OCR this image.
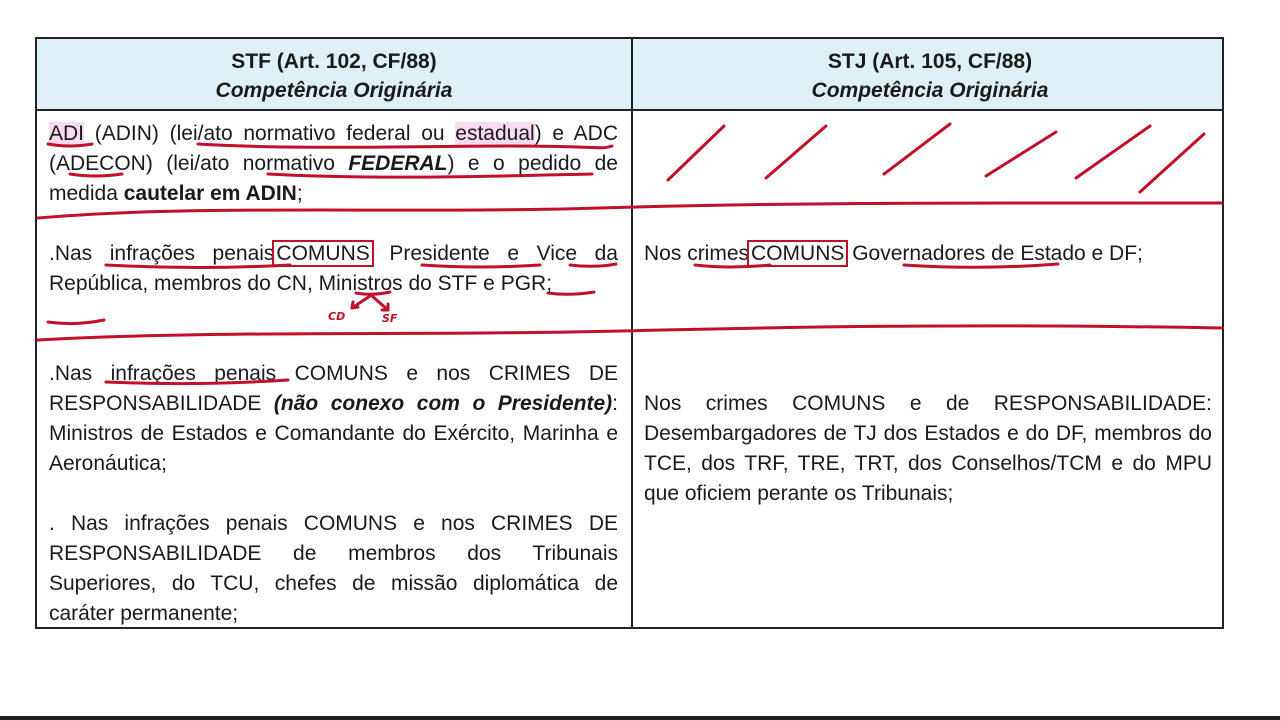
STF (Art. 102, CF/88)
Competência Originária
STJ (Art. 105, CF/88)
Competência Originária

ADI (ADIN) (lei/ato normativo federal ou estadual) e ADC (ADECON) (lei/ato normativo FEDERAL) e o pedido de medida cautelar em ADIN;

.Nas infrações penaisCOMUNS Presidente e Vice da República, membros do CN, Ministros do STF e PGR;

Nos crimesCOMUNS Governadores de Estado e DF;

.Nas infrações penais COMUNS e nos CRIMES DE RESPONSABILIDADE (não conexo com o Presidente): Ministros de Estados e Comandante do Exército, Marinha e Aeronáutica;

. Nas infrações penais COMUNS e nos CRIMES DE RESPONSABILIDADE de membros dos Tribunais Superiores, do TCU, chefes de missão diplomática de caráter permanente;

Nos crimes COMUNS e de RESPONSABILIDADE: Desembargadores de TJ dos Estados e do DF, membros do TCE, dos TRF, TRE, TRT, dos Conselhos/TCM e do MPU que oficiem perante os Tribunais;

CD	SF
